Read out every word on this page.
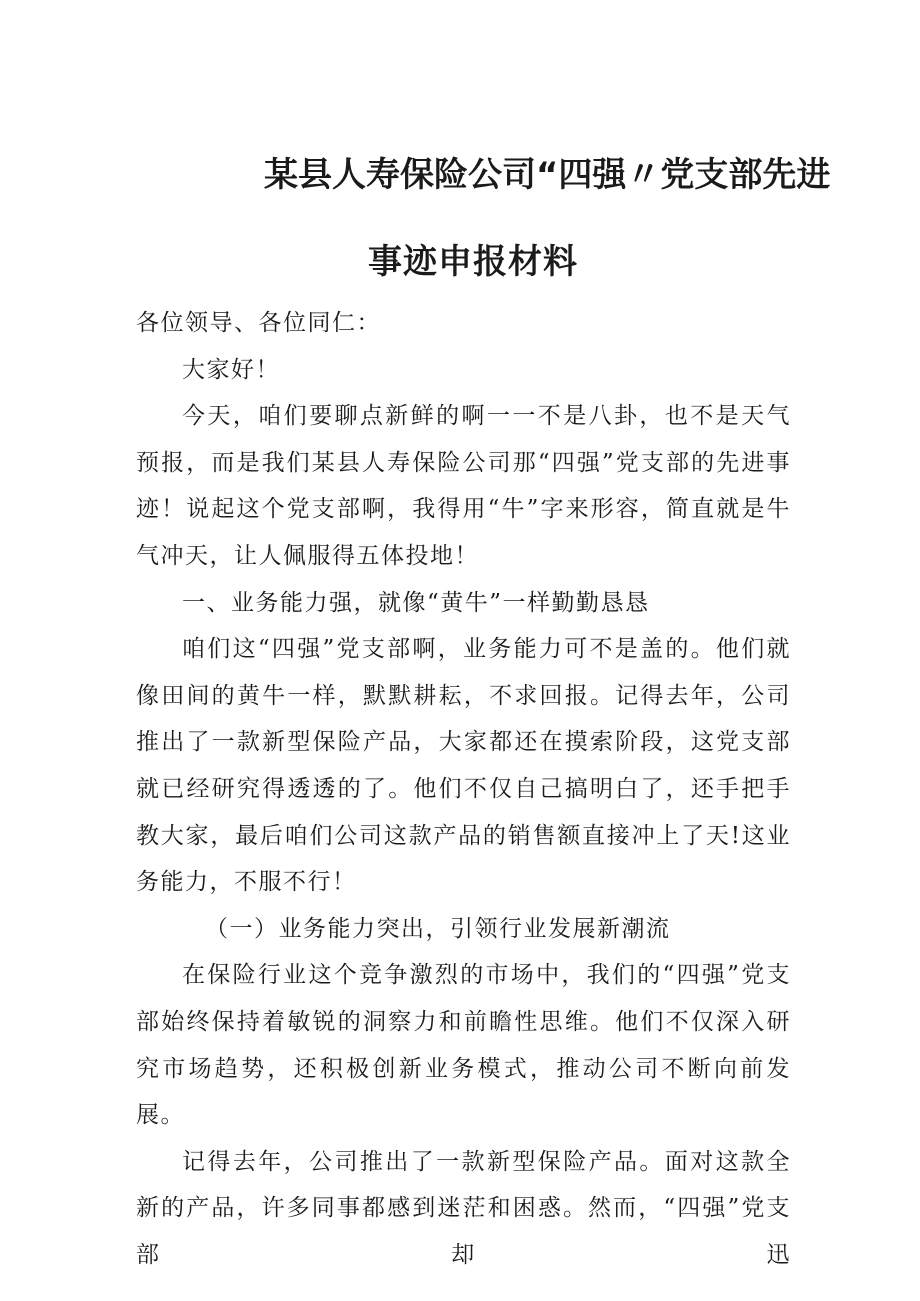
某县人寿保险公司“四强〃党支部先进
事迹申报材料

各位领导、各位同仁：

大家好！

今天，咱们要聊点新鲜的啊一一不是八卦，也不是天气预报，而是我们某县人寿保险公司那“四强”党支部的先进事迹！说起这个党支部啊，我得用“牛”字来形容，简直就是牛气冲天，让人佩服得五体投地！

一、业务能力强，就像“黄牛”一样勤勤恳恳

咱们这“四强”党支部啊，业务能力可不是盖的。他们就像田间的黄牛一样，默默耕耘，不求回报。记得去年，公司推出了一款新型保险产品，大家都还在摸索阶段，这党支部就已经研究得透透的了。他们不仅自己搞明白了，还手把手教大家，最后咱们公司这款产品的销售额直接冲上了天!这业务能力，不服不行！

（一）业务能力突出，引领行业发展新潮流

在保险行业这个竞争激烈的市场中，我们的“四强”党支部始终保持着敏锐的洞察力和前瞻性思维。他们不仅深入研究市场趋势，还积极创新业务模式，推动公司不断向前发展。

记得去年，公司推出了一款新型保险产品。面对这款全新的产品，许多同事都感到迷茫和困惑。然而，“四强”党支部却迅
